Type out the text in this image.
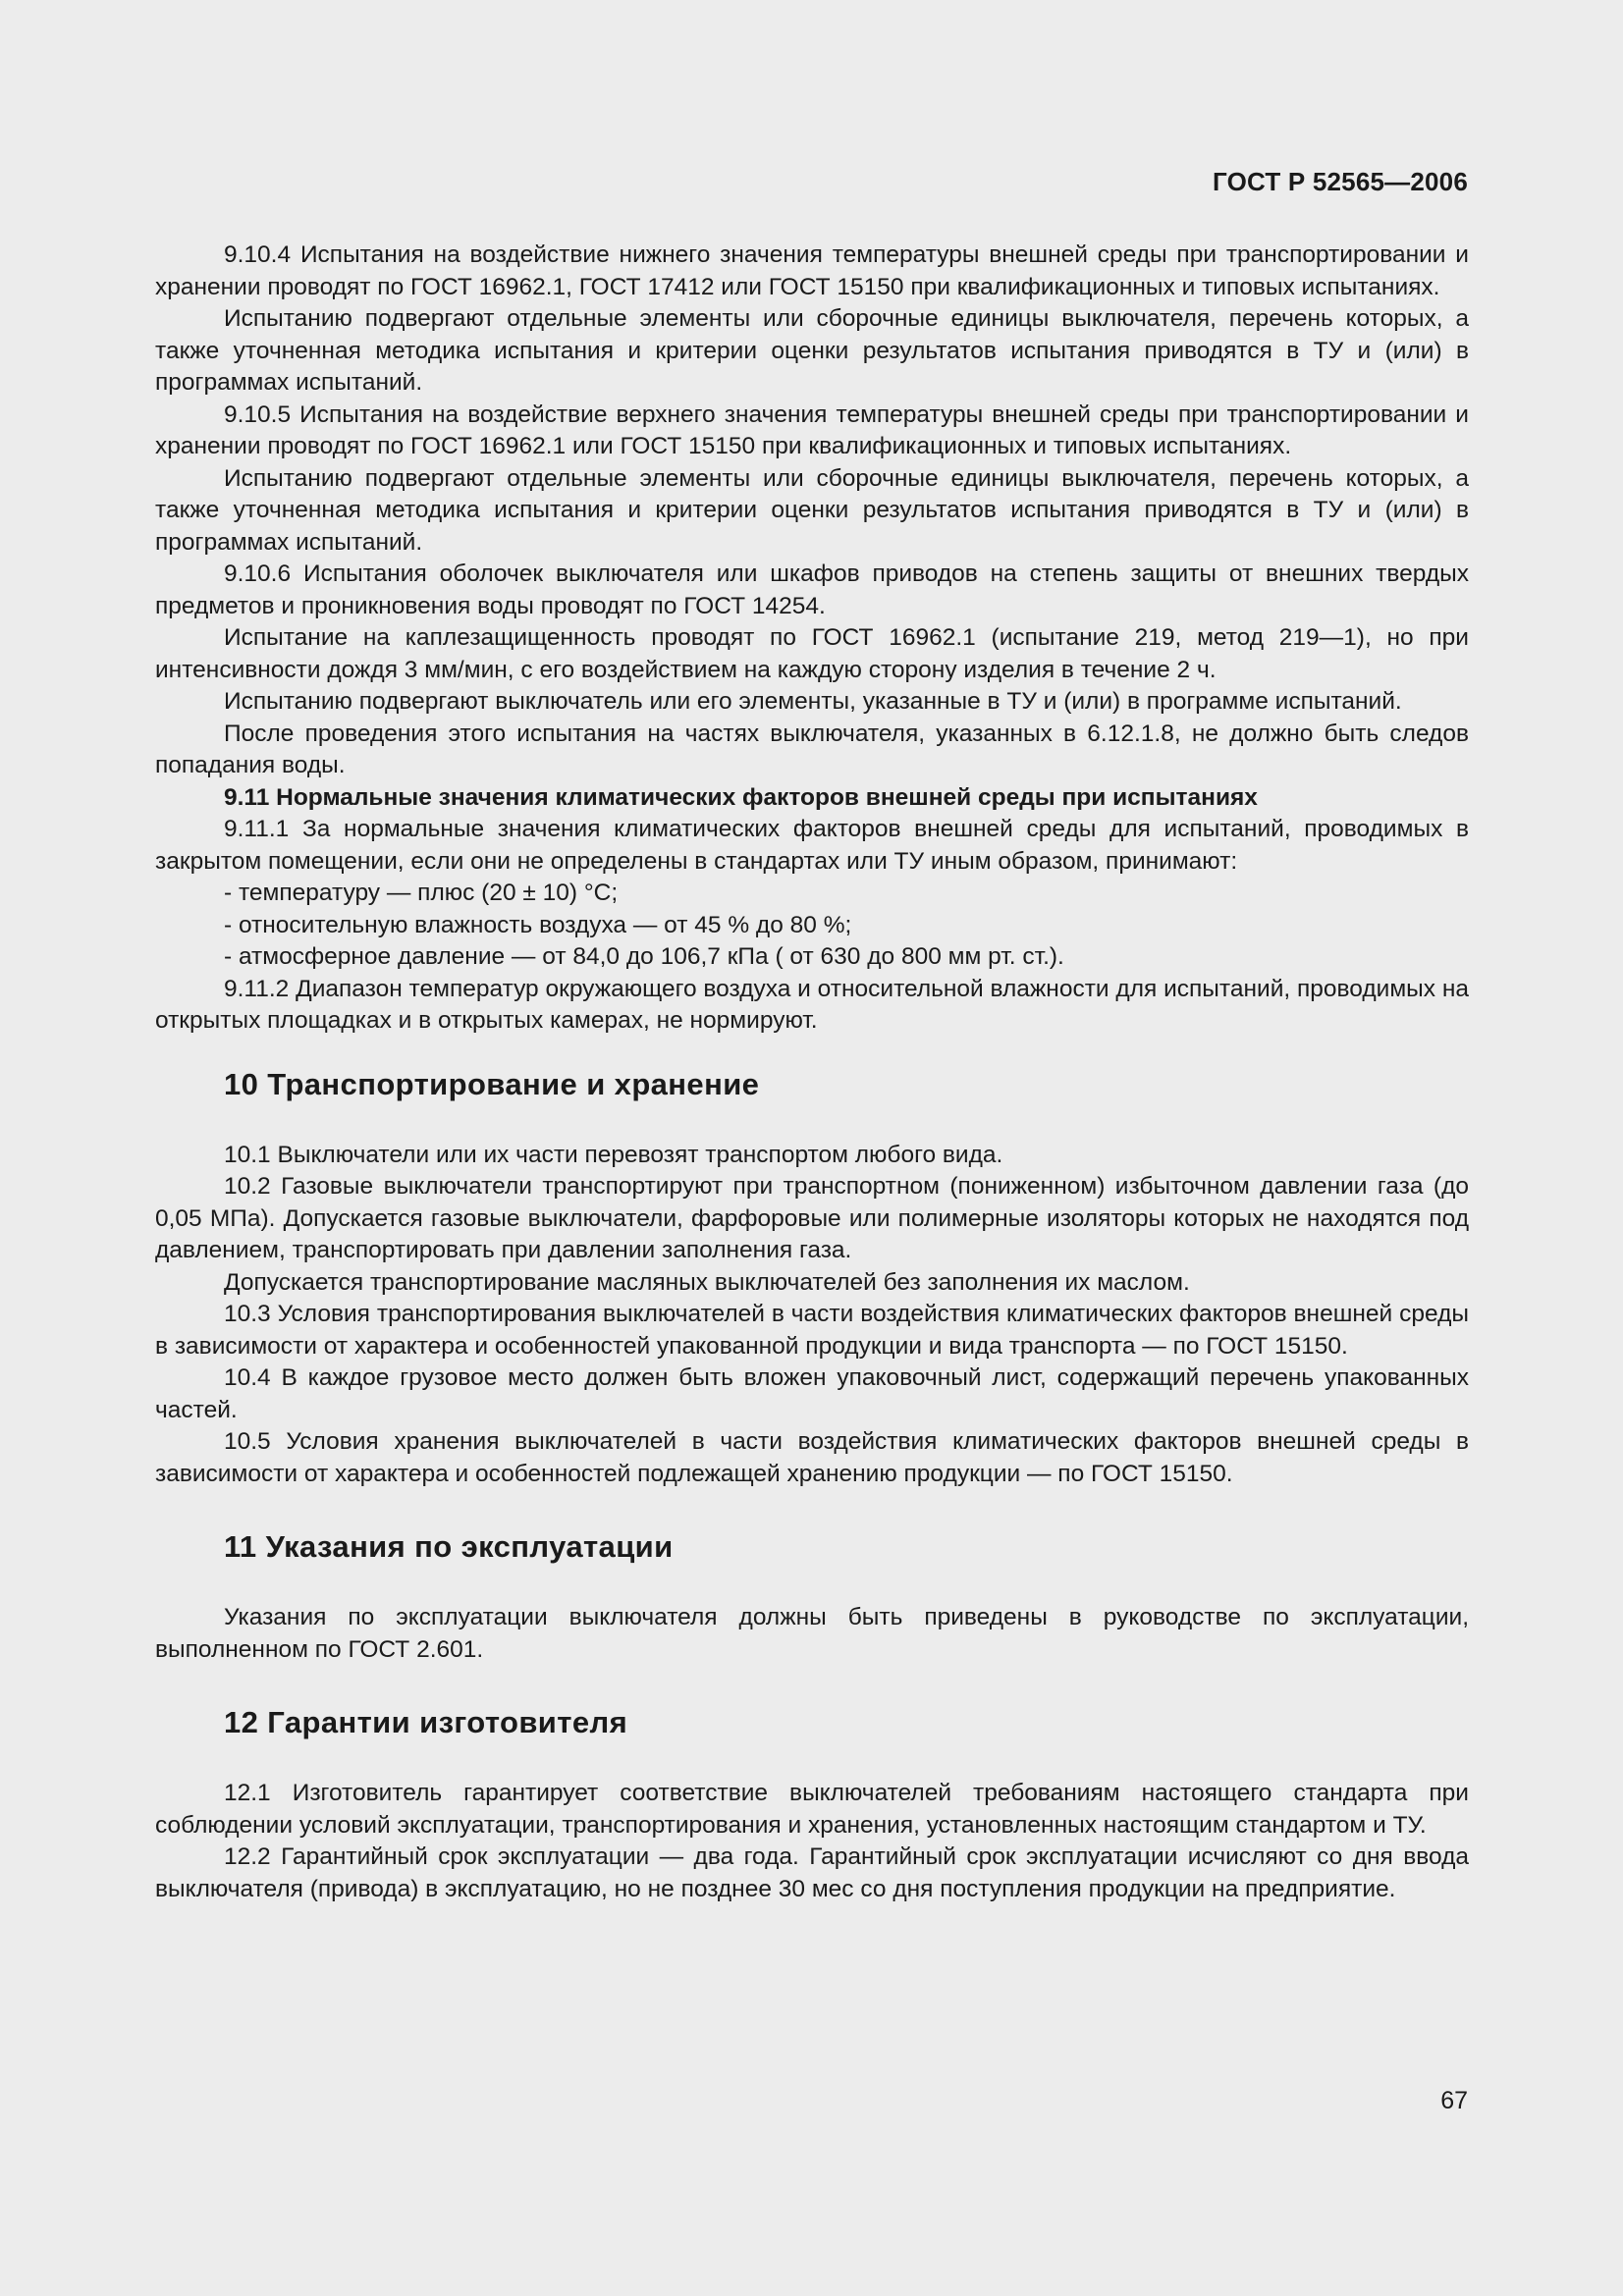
ГОСТ Р 52565—2006

9.10.4 Испытания на воздействие нижнего значения температуры внешней среды при транспортировании и хранении проводят по ГОСТ 16962.1, ГОСТ 17412 или ГОСТ 15150 при квалификационных и типовых испытаниях.

Испытанию подвергают отдельные элементы или сборочные единицы выключателя, перечень которых, а также уточненная методика испытания и критерии оценки результатов испытания приводятся в ТУ и (или) в программах испытаний.

9.10.5 Испытания на воздействие верхнего значения температуры внешней среды при транспортировании и хранении проводят по ГОСТ 16962.1 или ГОСТ 15150 при квалификационных и типовых испытаниях.

Испытанию подвергают отдельные элементы или сборочные единицы выключателя, перечень которых, а также уточненная методика испытания и критерии оценки результатов испытания приводятся в ТУ и (или) в программах испытаний.

9.10.6 Испытания оболочек выключателя или шкафов приводов на степень защиты от внешних твердых предметов и проникновения воды проводят по ГОСТ 14254.

Испытание на каплезащищенность проводят по ГОСТ 16962.1 (испытание 219, метод 219—1), но при интенсивности дождя 3 мм/мин, с его воздействием на каждую сторону изделия в течение 2 ч.

Испытанию подвергают выключатель или его элементы, указанные в ТУ и (или) в программе испытаний.

После проведения этого испытания на частях выключателя, указанных в 6.12.1.8, не должно быть следов попадания воды.

9.11 Нормальные значения климатических факторов внешней среды при испытаниях

9.11.1 За нормальные значения климатических факторов внешней среды для испытаний, проводимых в закрытом помещении, если они не определены в стандартах или ТУ иным образом, принимают:

- температуру — плюс (20 ± 10) °С;

- относительную влажность воздуха — от 45 % до 80 %;

- атмосферное давление — от 84,0 до 106,7 кПа ( от 630 до 800 мм рт. ст.).

9.11.2 Диапазон температур окружающего воздуха и относительной влажности для испытаний, проводимых на открытых площадках и в открытых камерах, не нормируют.

10 Транспортирование и хранение

10.1 Выключатели или их части перевозят транспортом любого вида.

10.2 Газовые выключатели транспортируют при транспортном (пониженном) избыточном давлении газа (до 0,05 МПа). Допускается газовые выключатели, фарфоровые или полимерные изоляторы которых не находятся под давлением, транспортировать при давлении заполнения газа.

Допускается транспортирование масляных выключателей без заполнения их маслом.

10.3 Условия транспортирования выключателей в части воздействия климатических факторов внешней среды в зависимости от характера и особенностей упакованной продукции и вида транспорта — по ГОСТ 15150.

10.4 В каждое грузовое место должен быть вложен упаковочный лист, содержащий перечень упакованных частей.

10.5 Условия хранения выключателей в части воздействия климатических факторов внешней среды в зависимости от характера и особенностей подлежащей хранению продукции — по ГОСТ 15150.

11 Указания по эксплуатации

Указания по эксплуатации выключателя должны быть приведены в руководстве по эксплуатации, выполненном по ГОСТ 2.601.

12 Гарантии изготовителя

12.1 Изготовитель гарантирует соответствие выключателей требованиям настоящего стандарта при соблюдении условий эксплуатации, транспортирования и хранения, установленных настоящим стандартом и ТУ.

12.2 Гарантийный срок эксплуатации — два года. Гарантийный срок эксплуатации исчисляют со дня ввода выключателя (привода) в эксплуатацию, но не позднее 30 мес со дня поступления продукции на предприятие.

67
